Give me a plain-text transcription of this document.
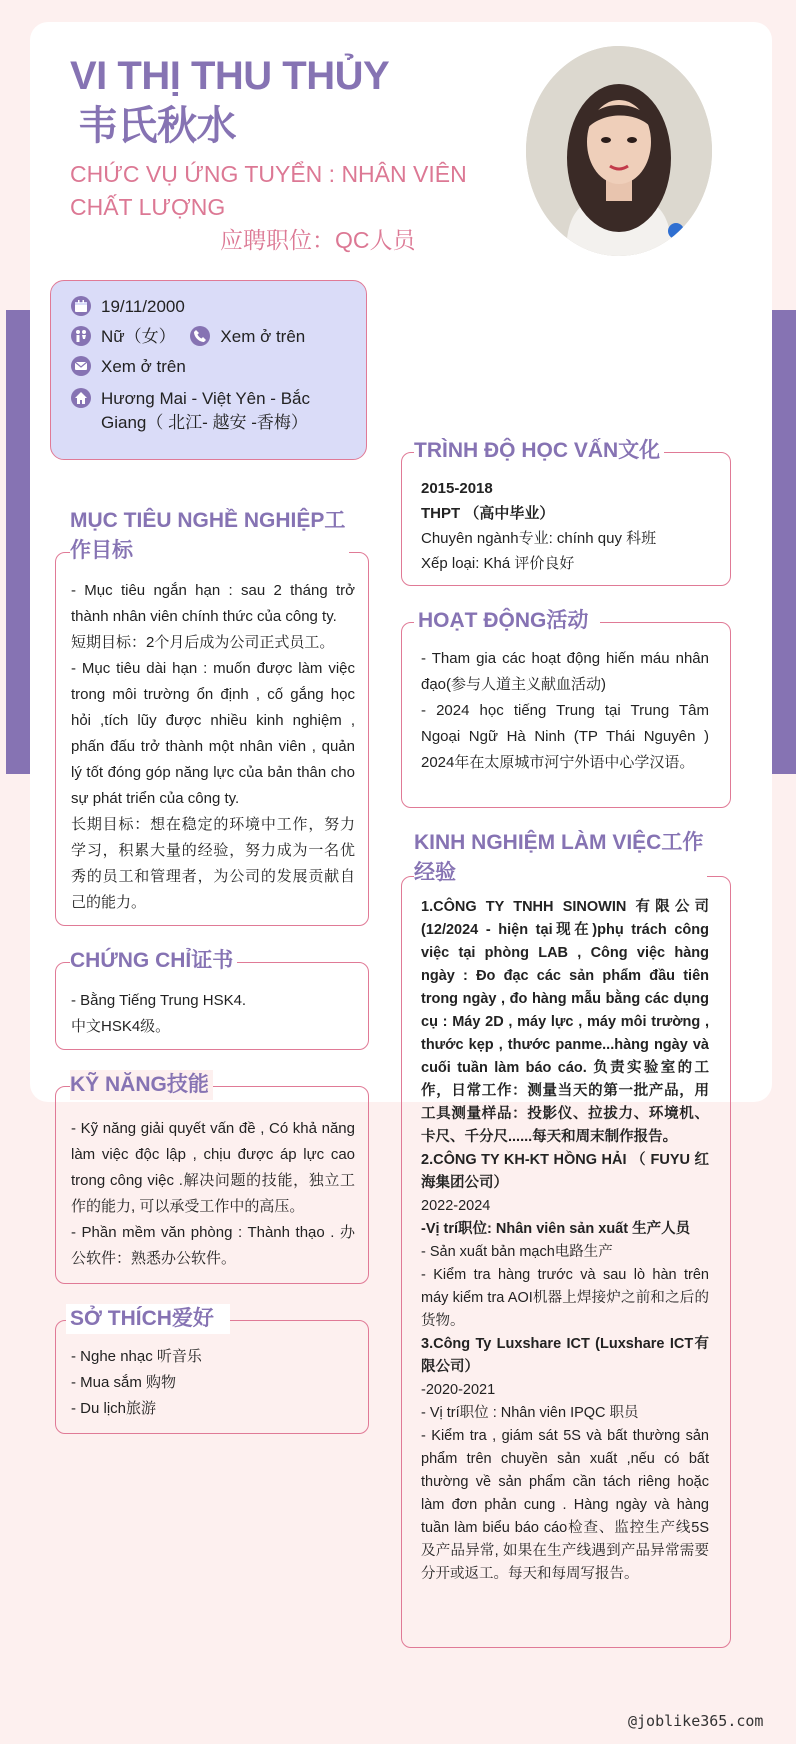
VI THỊ THU THỦY
韦氏秋水
CHỨC VỤ ỨNG TUYỂN : NHÂN VIÊN
CHẤT LƯỢNG
应聘职位：QC人员
19/11/2000
Nữ（女）	Xem ở trên
Xem ở trên
Hương Mai - Việt Yên - Bắc
Giang（ 北江- 越安 -香梅）
MỤC TIÊU NGHỀ NGHIỆP工
作目标

- Mục tiêu ngắn hạn : sau 2 tháng trở thành nhân viên chính thức của công ty.

短期目标：2个月后成为公司正式员工。

- Mục tiêu dài hạn : muốn được làm việc trong môi trường ổn định , cố gắng học hỏi ,tích lũy được nhiều kinh nghiệm , phấn đấu trở thành một nhân viên , quản lý tốt đóng góp năng lực của bản thân cho sự phát triển của công ty.

长期目标：想在稳定的环境中工作，努力学习，积累大量的经验，努力成为一名优秀的员工和管理者，为公司的发展贡献自己的能力。

CHỨNG CHỈ证书

- Bằng Tiếng Trung HSK4.

中文HSK4级。

KỸ NĂNG技能

- Kỹ năng giải quyết vấn đề , Có khả năng làm việc độc lập , chịu được áp lực cao trong công việc .解决问题的技能，独立工作的能力, 可以承受工作中的高压。

- Phần mềm văn phòng : Thành thạo . 办公软件：熟悉办公软件。

SỞ THÍCH爱好

- Nghe nhạc 听音乐

- Mua sắm 购物

- Du lịch旅游

TRÌNH ĐỘ HỌC VẤN文化

2015-2018

THPT （高中毕业）

Chuyên ngành专业: chính quy 科班

Xếp loại: Khá 评价良好

HOẠT ĐỘNG活动

- Tham gia các hoạt động hiến máu nhân đạo(参与人道主义献血活动)

- 2024 học tiếng Trung tại Trung Tâm Ngoại Ngữ Hà Ninh (TP Thái Nguyên ) 2024年在太原城市河宁外语中心学汉语。

KINH NGHIỆM LÀM VIỆC工作
经验

1.CÔNG TY TNHH SINOWIN 有限公司 (12/2024 - hiện tại现在)phụ trách công việc tại phòng LAB , Công việc hàng ngày : Đo đạc các sản phẩm đầu tiên trong ngày , đo hàng mẫu bằng các dụng cụ : Máy 2D , máy lực , máy môi trường , thước kẹp , thước panme...hàng ngày và cuối tuần làm báo cáo. 负责实验室的工作，日常工作：测量当天的第一批产品，用工具测量样品：投影仪、拉拔力、环境机、卡尺、千分尺......每天和周末制作报告。

2.CÔNG TY KH-KT HỒNG HẢI （ FUYU 红海集团公司）

2022-2024

-Vị trí职位: Nhân viên sản xuất 生产人员

- Sản xuất bản mạch电路生产

- Kiểm tra hàng trước và sau lò hàn trên máy kiểm tra AOI机器上焊接炉之前和之后的货物。

3.Công Ty Luxshare ICT (Luxshare ICT有限公司）

-2020-2021

- Vị trí职位 : Nhân viên IPQC 职员

- Kiểm tra , giám sát 5S và bất thường sản phẩm trên chuyền sản xuất ,nếu có bất thường về sản phẩm cần tách riêng hoặc làm đơn phản cung . Hàng ngày và hàng tuần làm biểu báo cáo检查、监控生产线5S及产品异常, 如果在生产线遇到产品异常需要分开或返工。每天和每周写报告。

@joblike365.com
